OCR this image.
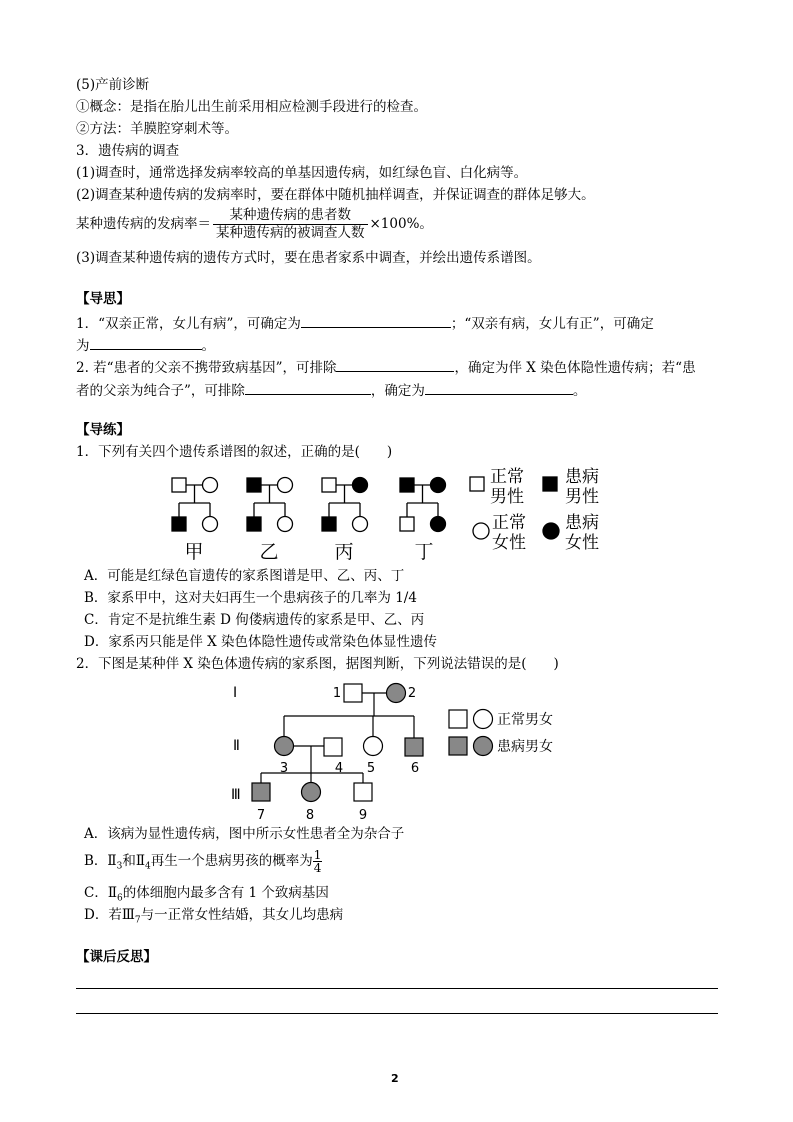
(5)产前诊断
①概念：是指在胎儿出生前采用相应检测手段进行的检查。
②方法：羊膜腔穿刺术等。
3．遗传病的调查
(1)调查时，通常选择发病率较高的单基因遗传病，如红绿色盲、白化病等。
(2)调查某种遗传病的发病率时，要在群体中随机抽样调查，并保证调查的群体足够大。
某种遗传病的发病率＝ $\frac{\text{某种遗传病的患者数}}{\text{某种遗传病的被调查人数}} \times 100\%$。
(3)调查某种遗传病的遗传方式时，要在患者家系中调查，并绘出遗传系谱图。
【导思】
1．“双亲正常，女儿有病”，可确定为	；“双亲有病，女儿有正”，可确定
为	。
2. 若“患者的父亲不携带致病基因”，可排除	，确定为伴 X 染色体隐性遗传病；若“患
者的父亲为纯合子”，可排除	，确定为	。
【导练】
1．下列有关四个遗传系谱图的叙述，正确的是(　　)
甲	乙	丙	丁
正常
男性
患病
男性
正常
女性
患病
女性
A．可能是红绿色盲遗传的家系图谱是甲、乙、丙、丁
B．家系甲中，这对夫妇再生一个患病孩子的几率为 1/4
C．肯定不是抗维生素 D 佝偻病遗传的家系是甲、乙、丙
D．家系丙只能是伴 X 染色体隐性遗传或常染色体显性遗传
2．下图是某种伴 X 染色体遗传病的家系图，据图判断，下列说法错误的是(　　)
Ⅰ
Ⅱ
Ⅲ
1	2
3	4 5	6
7	8	9
正常男女
患病男女
A．该病为显性遗传病，图中所示女性患者全为杂合子
B．$Ⅱ_3$和$Ⅱ_4$再生一个患病男孩的概率为 $\frac{1}{4}$
C．$Ⅱ_6$的体细胞内最多含有 1 个致病基因
D．若$Ⅲ_7$与一正常女性结婚，其女儿均患病
【课后反思】
2
